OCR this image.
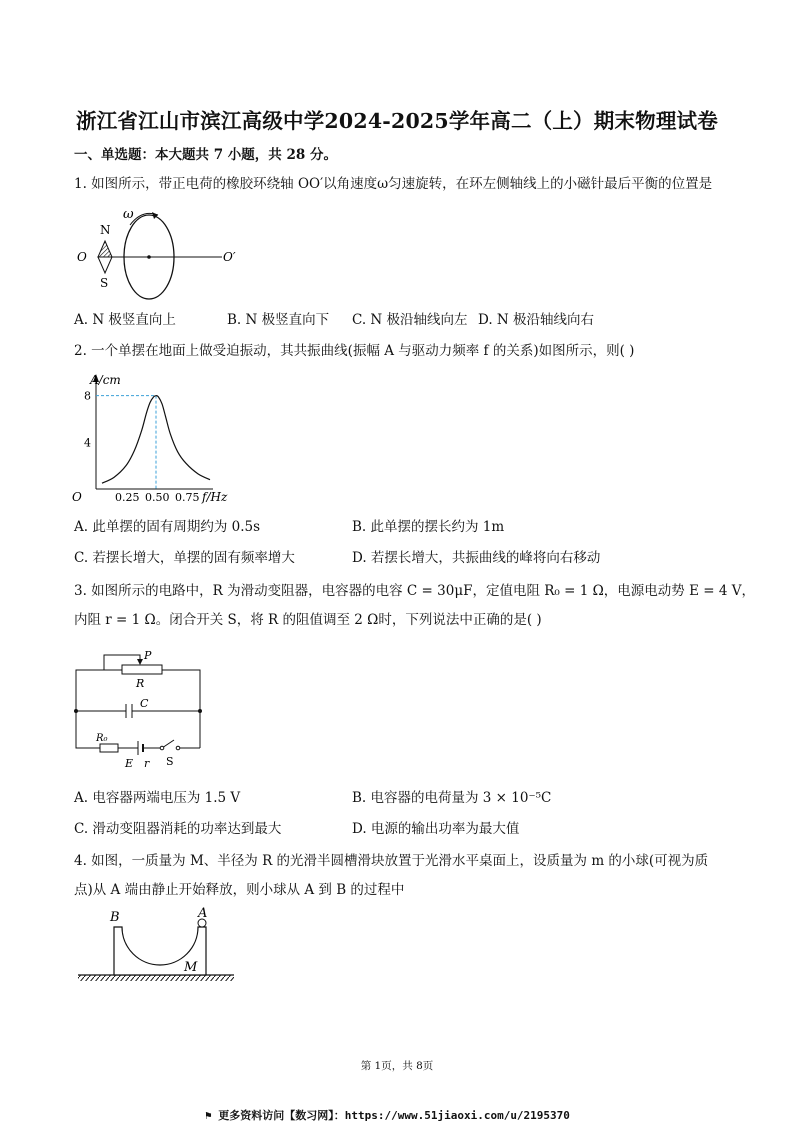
浙江省江山市滨江高级中学2024-2025学年高二（上）期末物理试卷
一、单选题：本大题共 7 小题，共 28 分。
1. 如图所示，带正电荷的橡胶环绕轴 OO′以角速度ω匀速旋转，在环左侧轴线上的小磁针最后平衡的位置是
ω
N
S
O	O′
A. N 极竖直向上	B. N 极竖直向下 C. N 极沿轴线向左 D. N 极沿轴线向右
2. 一个单摆在地面上做受迫振动，其共振曲线(振幅 A 与驱动力频率 f 的关系)如图所示，则( )
A/cm
f/Hz
O	0.25 0.50 0.75
4
8
A. 此单摆的固有周期约为 0.5s	B. 此单摆的摆长约为 1m
C. 若摆长增大，单摆的固有频率增大	D. 若摆长增大，共振曲线的峰将向右移动
3. 如图所示的电路中，R 为滑动变阻器，电容器的电容 C = 30μF，定值电阻 R₀ = 1 Ω，电源电动势 E = 4 V，
内阻 r = 1 Ω。闭合开关 S，将 R 的阻值调至 2 Ω时，下列说法中正确的是( )
P
R
C
R₀
E r S
A. 电容器两端电压为 1.5 V	B. 电容器的电荷量为 3 × 10⁻⁵C
C. 滑动变阻器消耗的功率达到最大	D. 电源的输出功率为最大值
4. 如图，一质量为 M、半径为 R 的光滑半圆槽滑块放置于光滑水平桌面上，设质量为 m 的小球(可视为质
点)从 A 端由静止开始释放，则小球从 A 到 B 的过程中
B	A
M
第 1页，共 8页
⚑ 更多资料访问【数习网】：https://www.51jiaoxi.com/u/2195370
